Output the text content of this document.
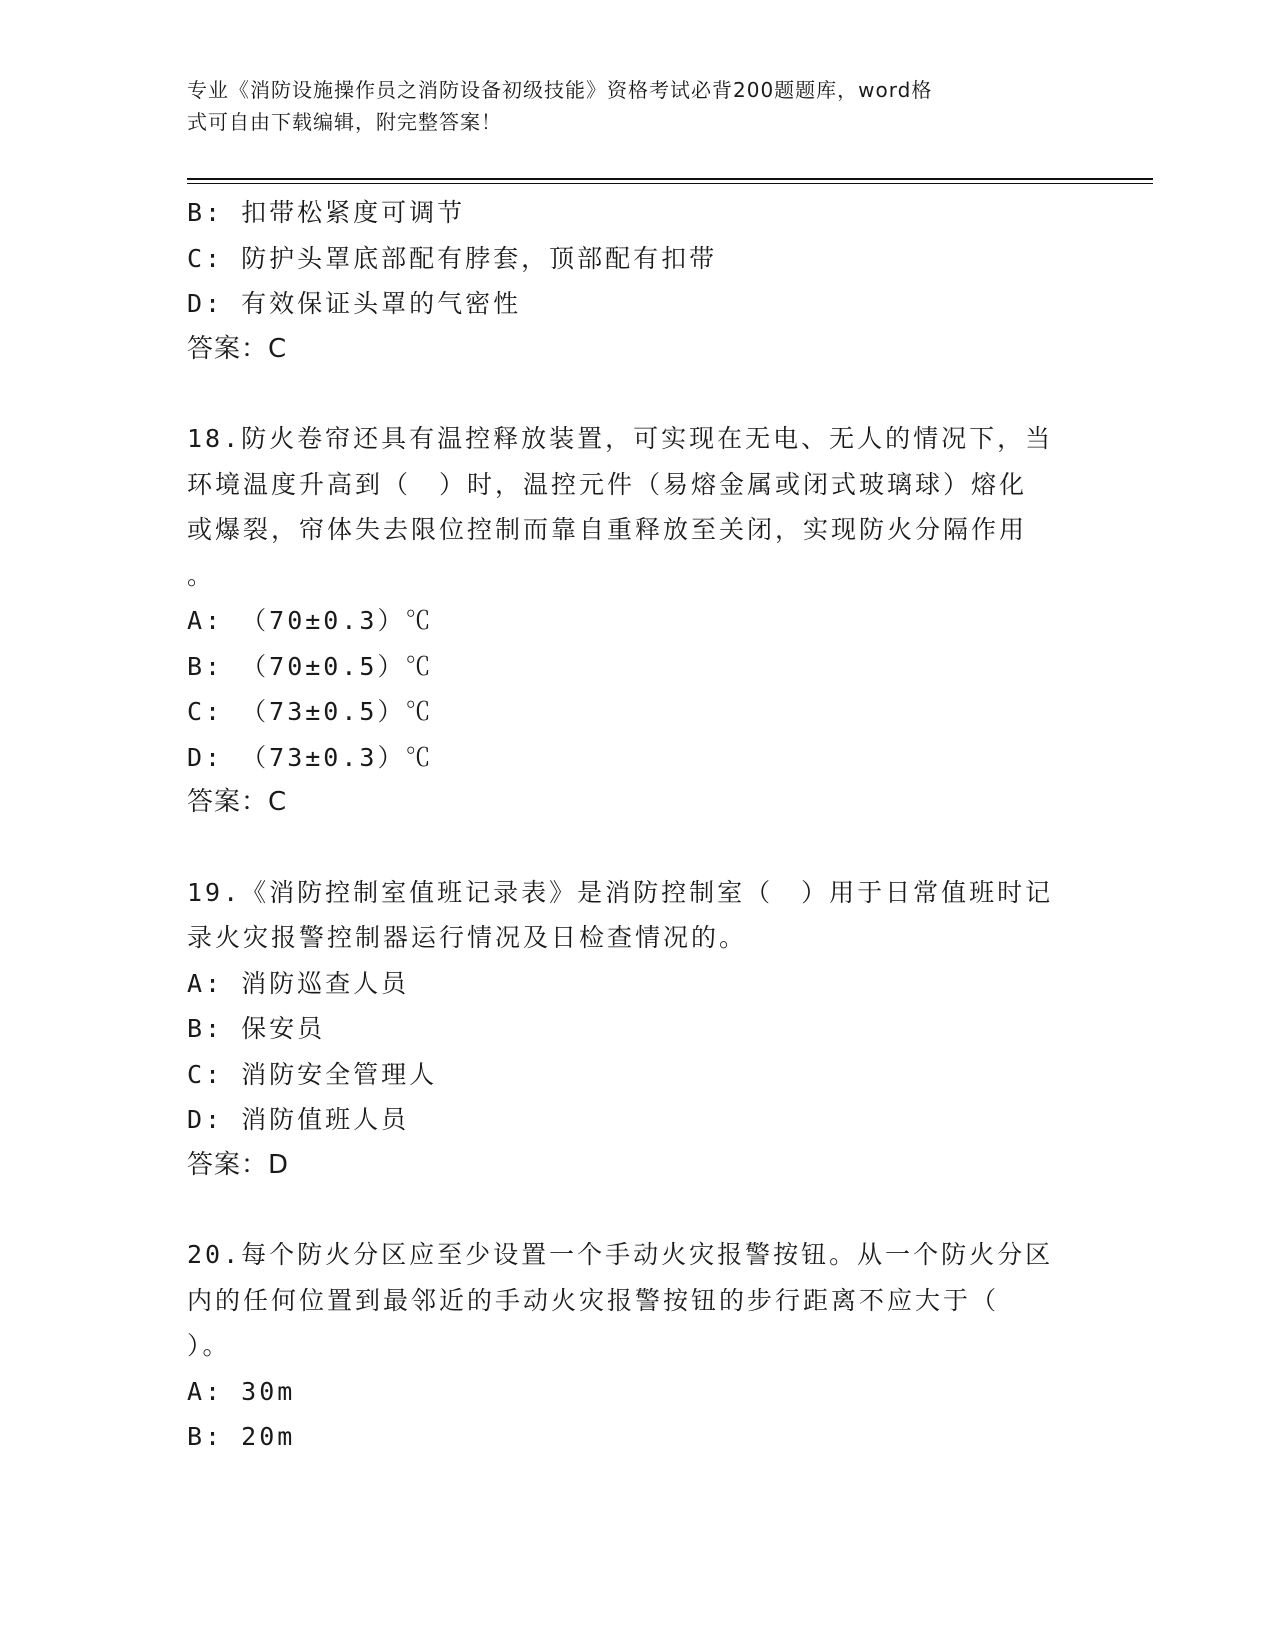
专业《消防设施操作员之消防设备初级技能》资格考试必背200题题库，word格
式可自由下载编辑，附完整答案！
B: 扣带松紧度可调节
C: 防护头罩底部配有脖套，顶部配有扣带
D: 有效保证头罩的气密性
答案：C
18.防火卷帘还具有温控释放装置，可实现在无电、无人的情况下，当
环境温度升高到（　）时，温控元件（易熔金属或闭式玻璃球）熔化
或爆裂，帘体失去限位控制而靠自重释放至关闭，实现防火分隔作用
。
A: （70±0.3）℃
B: （70±0.5）℃
C: （73±0.5）℃
D: （73±0.3）℃
答案：C
19.《消防控制室值班记录表》是消防控制室（　）用于日常值班时记
录火灾报警控制器运行情况及日检查情况的。
A: 消防巡查人员
B: 保安员
C: 消防安全管理人
D: 消防值班人员
答案：D
20.每个防火分区应至少设置一个手动火灾报警按钮。从一个防火分区
内的任何位置到最邻近的手动火灾报警按钮的步行距离不应大于（
）。
A: 30m
B: 20m
